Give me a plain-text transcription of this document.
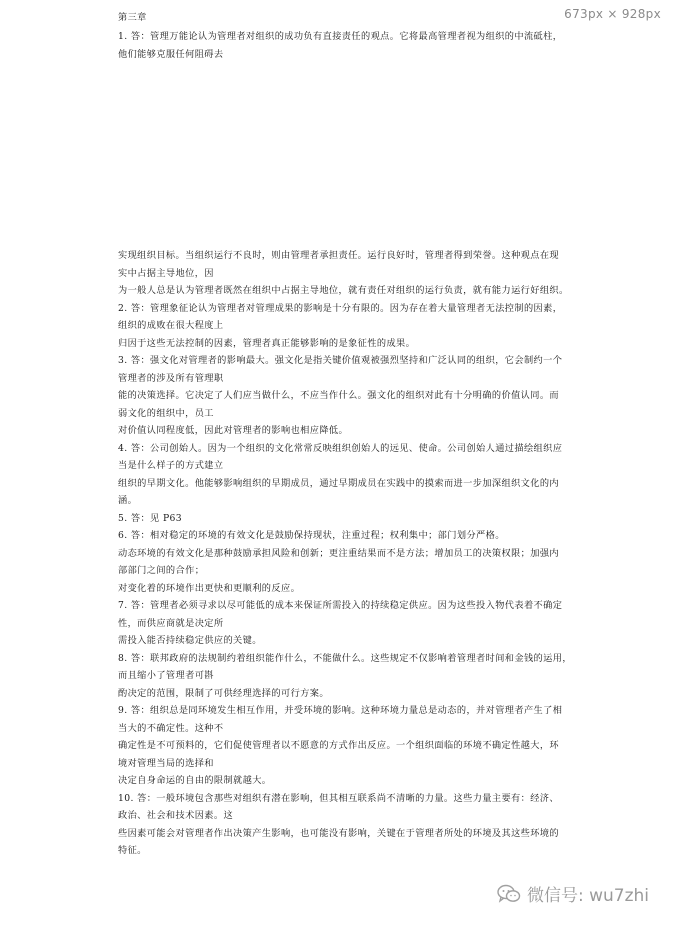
673px × 928px
第三章
1. 答：管理万能论认为管理者对组织的成功负有直接责任的观点。它将最高管理者视为组织的中流砥柱，
他们能够克服任何阻碍去
实现组织目标。当组织运行不良时，则由管理者承担责任。运行良好时，管理者得到荣誉。这种观点在现
实中占据主导地位，因
为一般人总是认为管理者既然在组织中占据主导地位，就有责任对组织的运行负责，就有能力运行好组织。
2. 答：管理象征论认为管理者对管理成果的影响是十分有限的。因为存在着大量管理者无法控制的因素，
组织的成败在很大程度上
归因于这些无法控制的因素，管理者真正能够影响的是象征性的成果。
3. 答：强文化对管理者的影响最大。强文化是指关键价值观被强烈坚持和广泛认同的组织，它会制约一个
管理者的涉及所有管理职
能的决策选择。它决定了人们应当做什么，不应当作什么。强文化的组织对此有十分明确的价值认同。而
弱文化的组织中，员工
对价值认同程度低，因此对管理者的影响也相应降低。
4. 答：公司创始人。因为一个组织的文化常常反映组织创始人的远见、使命。公司创始人通过描绘组织应
当是什么样子的方式建立
组织的早期文化。他能够影响组织的早期成员，通过早期成员在实践中的摸索而进一步加深组织文化的内
涵。
5. 答：见 P63
6. 答：相对稳定的环境的有效文化是鼓励保持现状，注重过程；权利集中；部门划分严格。
动态环境的有效文化是那种鼓励承担风险和创新；更注重结果而不是方法；增加员工的决策权限；加强内
部部门之间的合作；
对变化着的环境作出更快和更顺利的反应。
7. 答：管理者必须寻求以尽可能低的成本来保证所需投入的持续稳定供应。因为这些投入物代表着不确定
性，而供应商就是决定所
需投入能否持续稳定供应的关键。
8. 答：联邦政府的法规制约着组织能作什么，不能做什么。这些规定不仅影响着管理者时间和金钱的运用，
而且缩小了管理者可斟
酌决定的范围，限制了可供经理选择的可行方案。
9. 答：组织总是同环境发生相互作用，并受环境的影响。这种环境力量总是动态的，并对管理者产生了相
当大的不确定性。这种不
确定性是不可预料的，它们促使管理者以不愿意的方式作出反应。一个组织面临的环境不确定性越大，环
境对管理当局的选择和
决定自身命运的自由的限制就越大。
10. 答：一般环境包含那些对组织有潜在影响，但其相互联系尚不清晰的力量。这些力量主要有：经济、
政治、社会和技术因素。这
些因素可能会对管理者作出决策产生影响，也可能没有影响，关键在于管理者所处的环境及其这些环境的
特征。
微信号: wu7zhi
